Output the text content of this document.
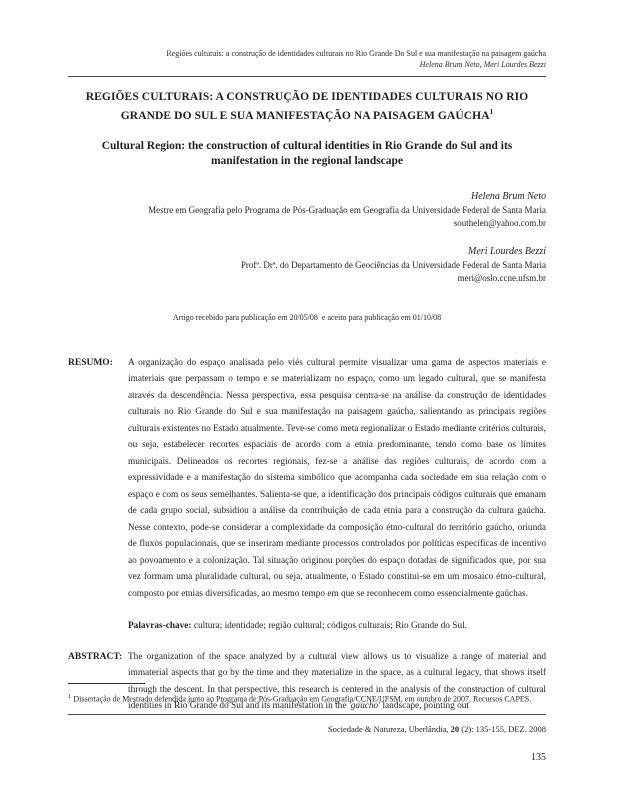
Regiões culturais: a construção de identidades culturais no Rio Grande Do Sul e sua manifestação na paisagem gaúcha
Helena Brum Neto, Meri Lourdes Bezzi
REGIÕES CULTURAIS: A CONSTRUÇÃO DE IDENTIDADES CULTURAIS NO RIO GRANDE DO SUL E SUA MANIFESTAÇÃO NA PAISAGEM GAÚCHA$^1$
Cultural Region: the construction of cultural identities in Rio Grande do Sul and its manifestation in the regional landscape
Helena Brum Neto
Mestre em Geografia pelo Programa de Pós-Graduação em Geografia da Universidade Federal de Santa Maria
southelen@yahoo.com.br
Meri Lourdes Bezzi
Profª. Drª. do Departamento de Geociências da Universidade Federal de Santa Maria
meri@oslo.ccne.ufsm.br
Artigo recebido para publicação em 20/05/08  e aceito para publicação em 01/10/08
RESUMO:	A organização do espaço analisada pelo viés cultural permite visualizar uma gama de aspectos materiais e imateriais que perpassam o tempo e se materializam no espaço, como um legado cultural, que se manifesta através da descendência. Nessa perspectiva, essa pesquisa centra-se na análise da construção de identidades culturais no Rio Grande do Sul e sua manifestação na paisagem gaúcha, salientando as principais regiões culturais existentes no Estado atualmente. Teve-se como meta regionalizar o Estado mediante critérios culturais, ou seja, estabelecer recortes espaciais de acordo com a etnia predominante, tendo como base os limites municipais. Delineados os recortes regionais, fez-se a análise das regiões culturais, de acordo com a expressividade e a manifestação do sistema simbólico que acompanha cada sociedade em sua relação com o espaço e com os seus semelhantes. Salienta-se que, a identificação dos principais códigos culturais que emanam de cada grupo social, subsidiou a análise da contribuição de cada etnia para a construção da cultura gaúcha. Nesse contexto, pode-se considerar a complexidade da composição étno-cultural do território gaúcho, oriunda de fluxos populacionais, que se inseriram mediante processos controlados por políticas específicas de incentivo ao povoamento e a colonização. Tal situação originou porções do espaço dotadas de significados que, por sua vez formam uma pluralidade cultural, ou seja, atualmente, o Estado constitui-se em um mosaico étno-cultural, composto por etnias diversificadas, ao mesmo tempo em que se reconhecem como essencialmente gaúchas.

Palavras-chave: cultura; identidade; região cultural; códigos culturais; Rio Grande do Sul.

ABSTRACT: The organization of the space analyzed by a cultural view allows us to visualize a range of material and immaterial aspects that go by the time and they materialize in the space, as a cultural legacy, that shows itself through the descent. In that perspective, this research is centered in the analysis of the construction of cultural identities in Rio Grande do Sul and its manifestation in the 'gaúcho' landscape, pointing out

$^1$ Dissertação de Mestrado defendida junto ao Programa de Pós-Graduação em Geografia/CCNE/UFSM, em outubro de 2007, Recursos CAPES.
Sociedade & Natureza, Uberlândia, 20 (2): 135-155, DEZ. 2008
135
